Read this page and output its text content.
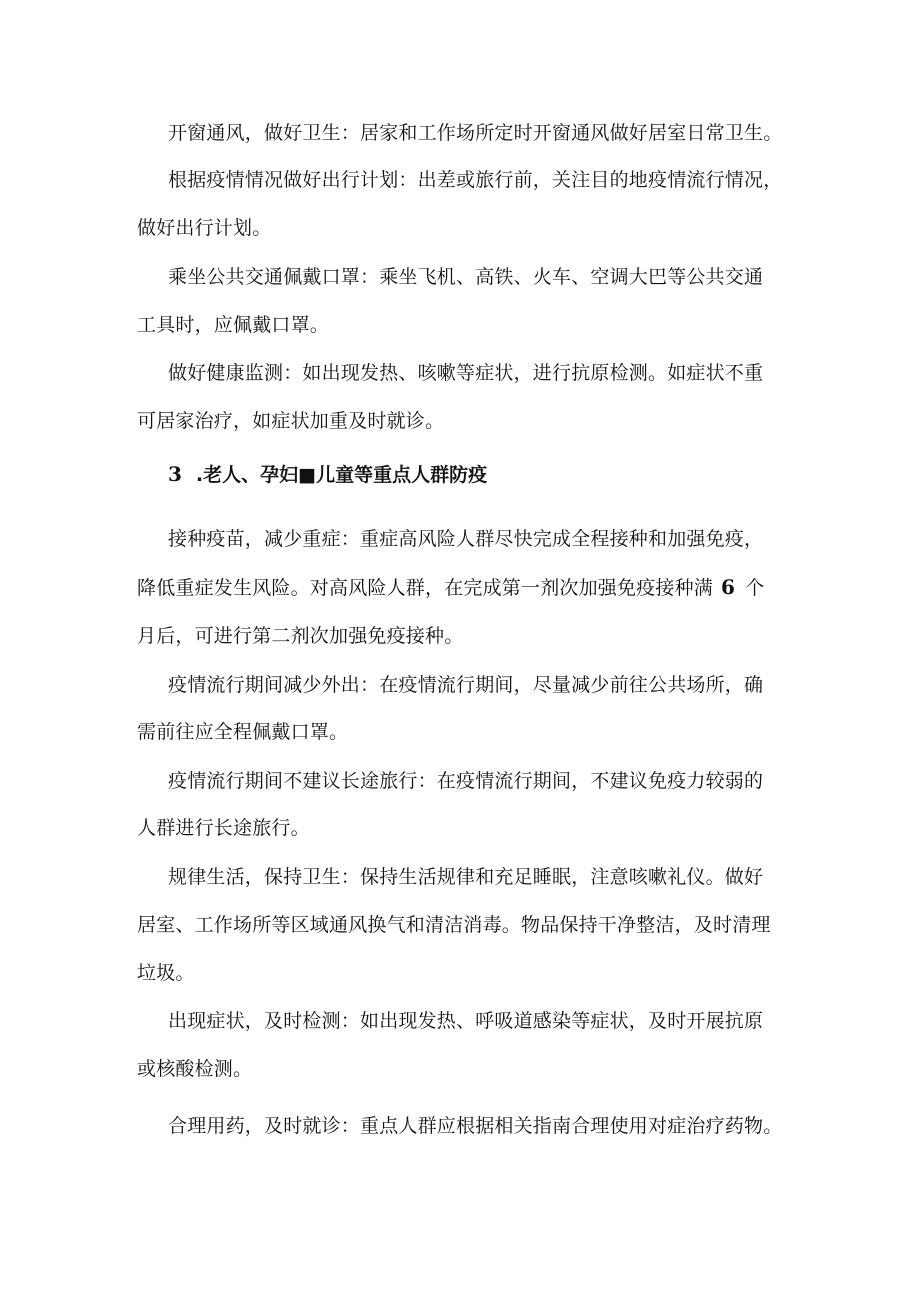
开窗通风，做好卫生：居家和工作场所定时开窗通风做好居室日常卫生。
根据疫情情况做好出行计划：出差或旅行前，关注目的地疫情流行情况，
做好出行计划。
乘坐公共交通佩戴口罩：乘坐飞机、高铁、火车、空调大巴等公共交通
工具时，应佩戴口罩。
做好健康监测：如出现发热、咳嗽等症状，进行抗原检测。如症状不重
可居家治疗，如症状加重及时就诊。
3 .老人、孕妇■儿童等重点人群防疫
接种疫苗，减少重症：重症高风险人群尽快完成全程接种和加强免疫，
降低重症发生风险。对高风险人群，在完成第一剂次加强免疫接种满 6 个
月后，可进行第二剂次加强免疫接种。
疫情流行期间减少外出：在疫情流行期间，尽量减少前往公共场所，确
需前往应全程佩戴口罩。
疫情流行期间不建议长途旅行：在疫情流行期间，不建议免疫力较弱的
人群进行长途旅行。
规律生活，保持卫生：保持生活规律和充足睡眠，注意咳嗽礼仪。做好
居室、工作场所等区域通风换气和清洁消毒。物品保持干净整洁，及时清理
垃圾。
出现症状，及时检测：如出现发热、呼吸道感染等症状，及时开展抗原
或核酸检测。
合理用药，及时就诊：重点人群应根据相关指南合理使用对症治疗药物。
